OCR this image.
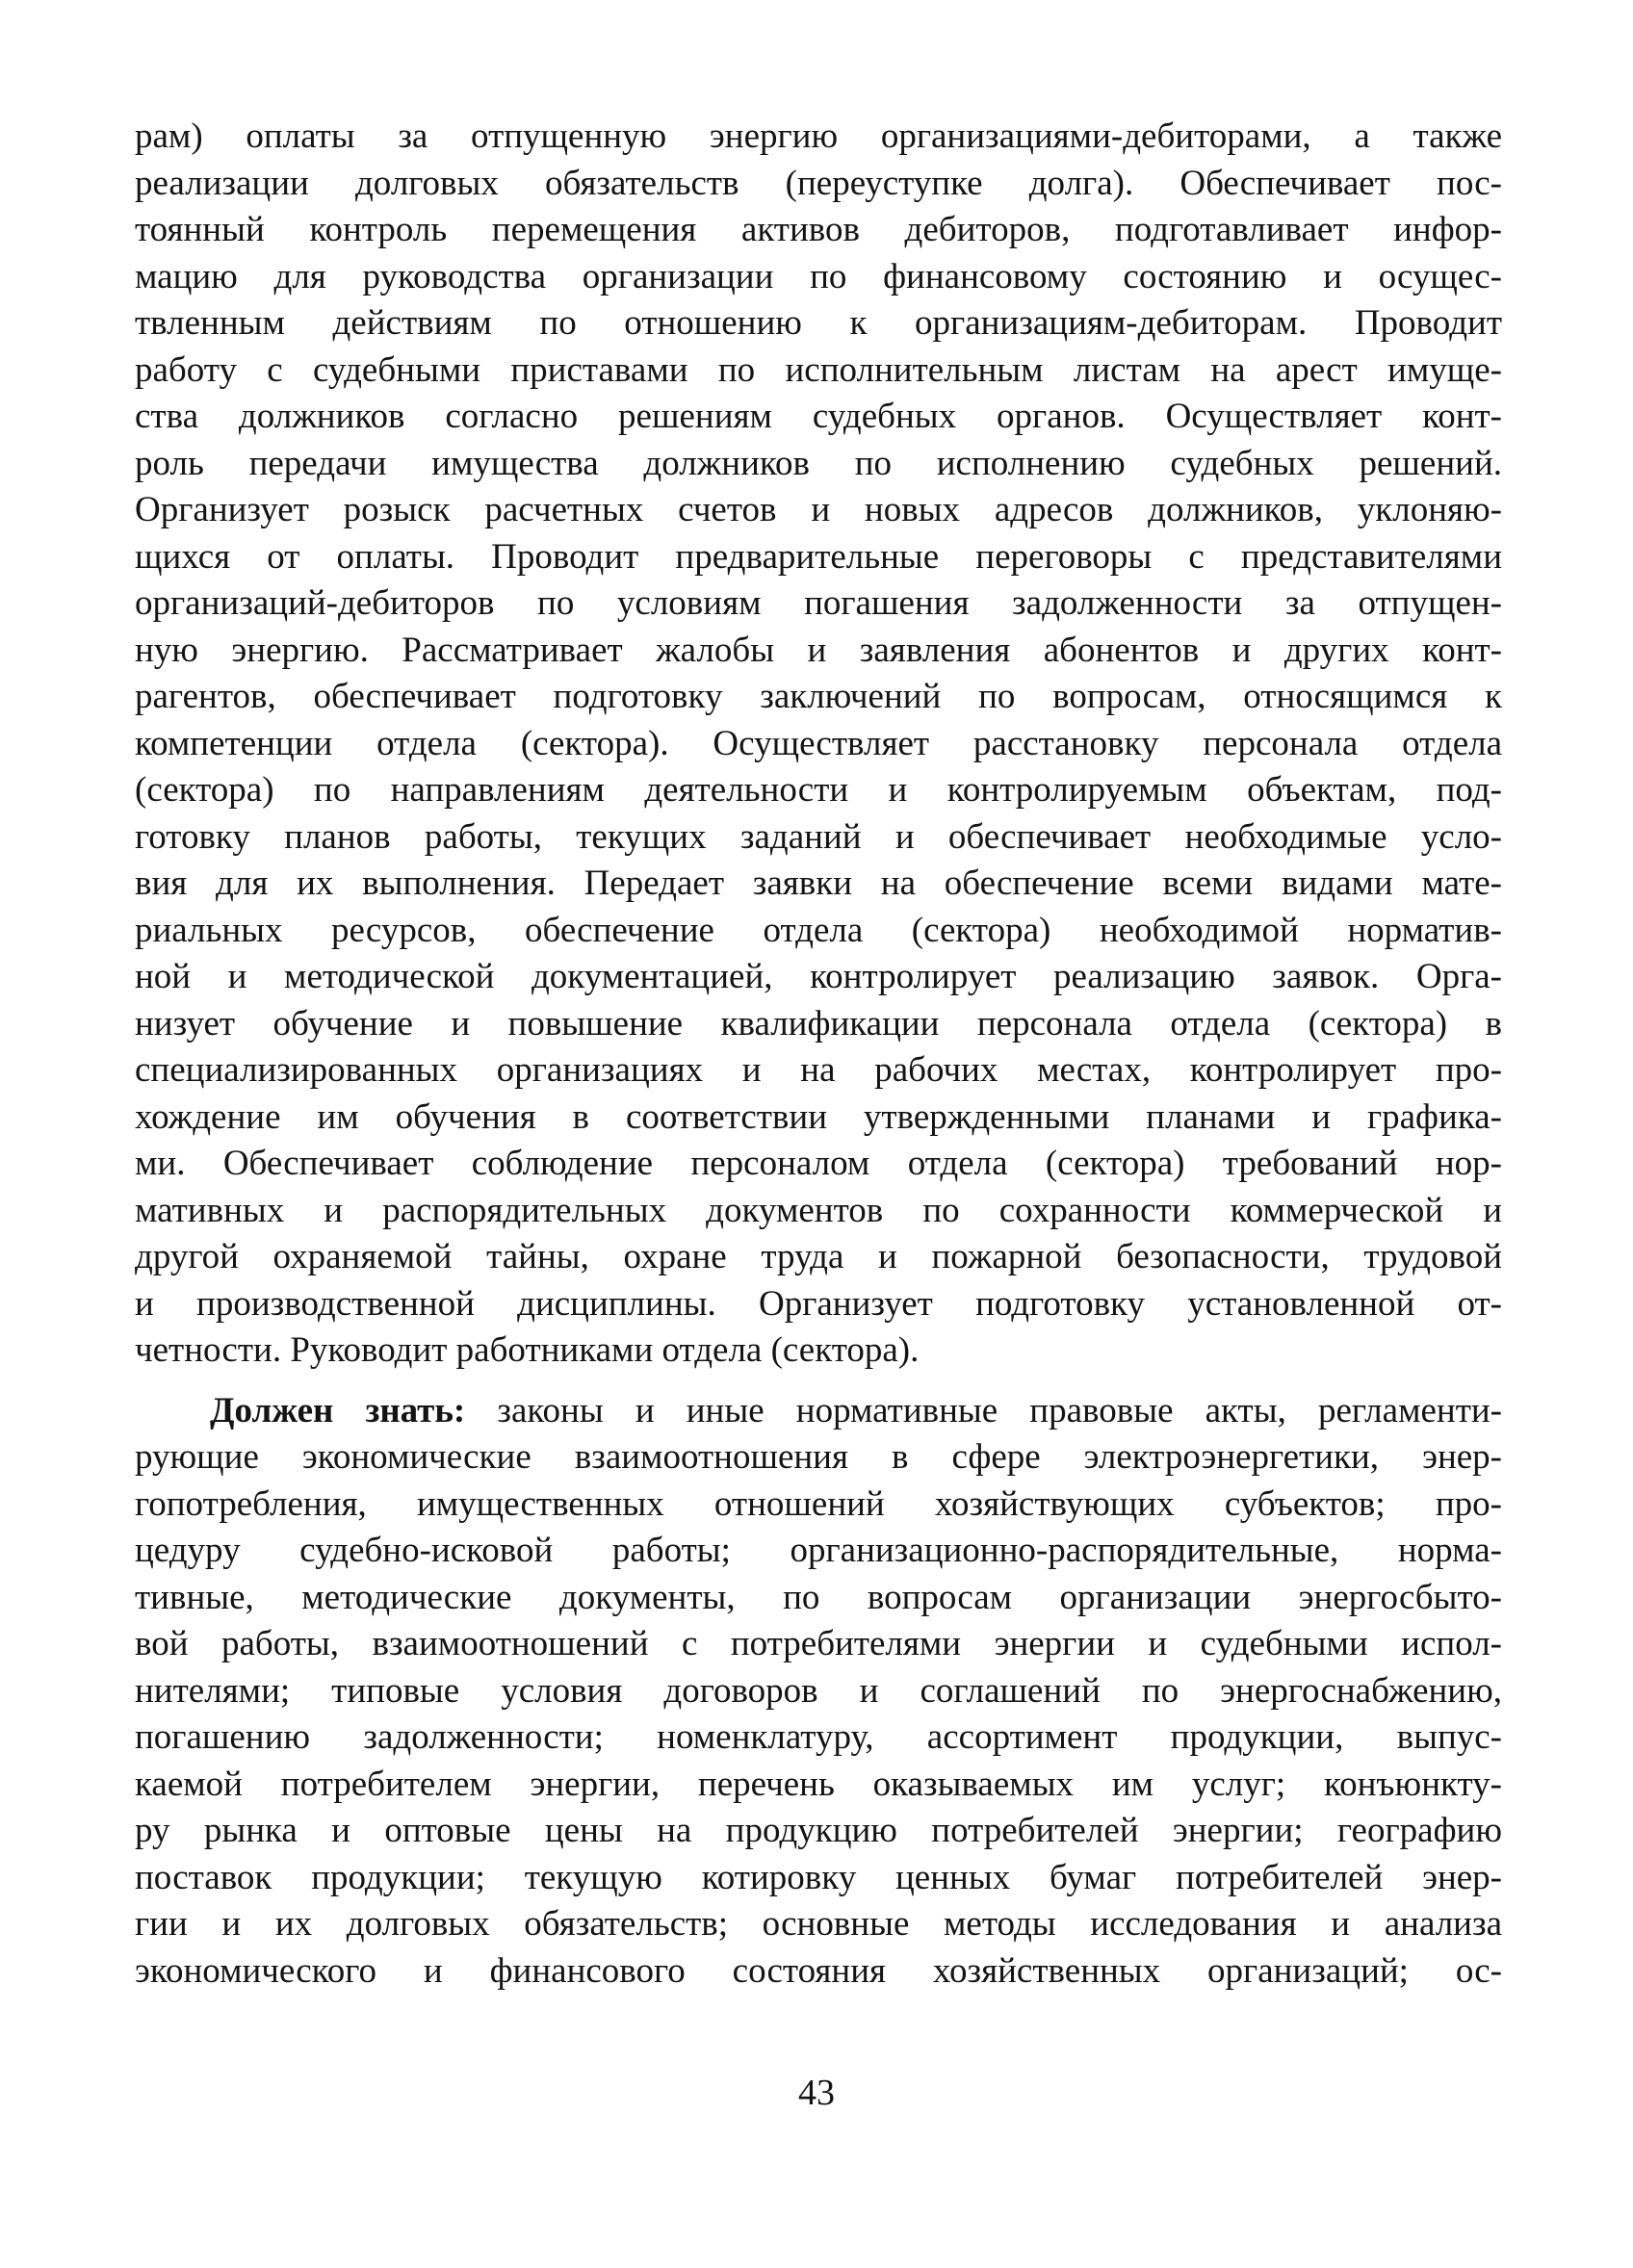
рам) оплаты за отпущенную энергию организациями-дебиторами, а также
реализации долговых обязательств (переуступке долга). Обеспечивает пос-
тоянный контроль перемещения активов дебиторов, подготавливает инфор-
мацию для руководства организации по финансовому состоянию и осущес-
твленным действиям по отношению к организациям-дебиторам. Проводит
работу с судебными приставами по исполнительным листам на арест имуще-
ства должников согласно решениям судебных органов. Осуществляет конт-
роль передачи имущества должников по исполнению судебных решений.
Организует розыск расчетных счетов и новых адресов должников, уклоняю-
щихся от оплаты. Проводит предварительные переговоры с представителями
организаций-дебиторов по условиям погашения задолженности за отпущен-
ную энергию. Рассматривает жалобы и заявления абонентов и других конт-
рагентов, обеспечивает подготовку заключений по вопросам, относящимся к
компетенции отдела (сектора). Осуществляет расстановку персонала отдела
(сектора) по направлениям деятельности и контролируемым объектам, под-
готовку планов работы, текущих заданий и обеспечивает необходимые усло-
вия для их выполнения. Передает заявки на обеспечение всеми видами мате-
риальных ресурсов, обеспечение отдела (сектора) необходимой норматив-
ной и методической документацией, контролирует реализацию заявок. Орга-
низует обучение и повышение квалификации персонала отдела (сектора) в
специализированных организациях и на рабочих местах, контролирует про-
хождение им обучения в соответствии утвержденными планами и графика-
ми. Обеспечивает соблюдение персоналом отдела (сектора) требований нор-
мативных и распорядительных документов по сохранности коммерческой и
другой охраняемой тайны, охране труда и пожарной безопасности, трудовой
и производственной дисциплины. Организует подготовку установленной от-
четности. Руководит работниками отдела (сектора).
Должен знать: законы и иные нормативные правовые акты, регламенти-
рующие экономические взаимоотношения в сфере электроэнергетики, энер-
гопотребления, имущественных отношений хозяйствующих субъектов; про-
цедуру судебно-исковой работы; организационно-распорядительные, норма-
тивные, методические документы, по вопросам организации энергосбыто-
вой работы, взаимоотношений с потребителями энергии и судебными испол-
нителями; типовые условия договоров и соглашений по энергоснабжению,
погашению задолженности; номенклатуру, ассортимент продукции, выпус-
каемой потребителем энергии, перечень оказываемых им услуг; конъюнкту-
ру рынка и оптовые цены на продукцию потребителей энергии; географию
поставок продукции; текущую котировку ценных бумаг потребителей энер-
гии и их долговых обязательств; основные методы исследования и анализа
экономического и финансового состояния хозяйственных организаций; ос-
43
